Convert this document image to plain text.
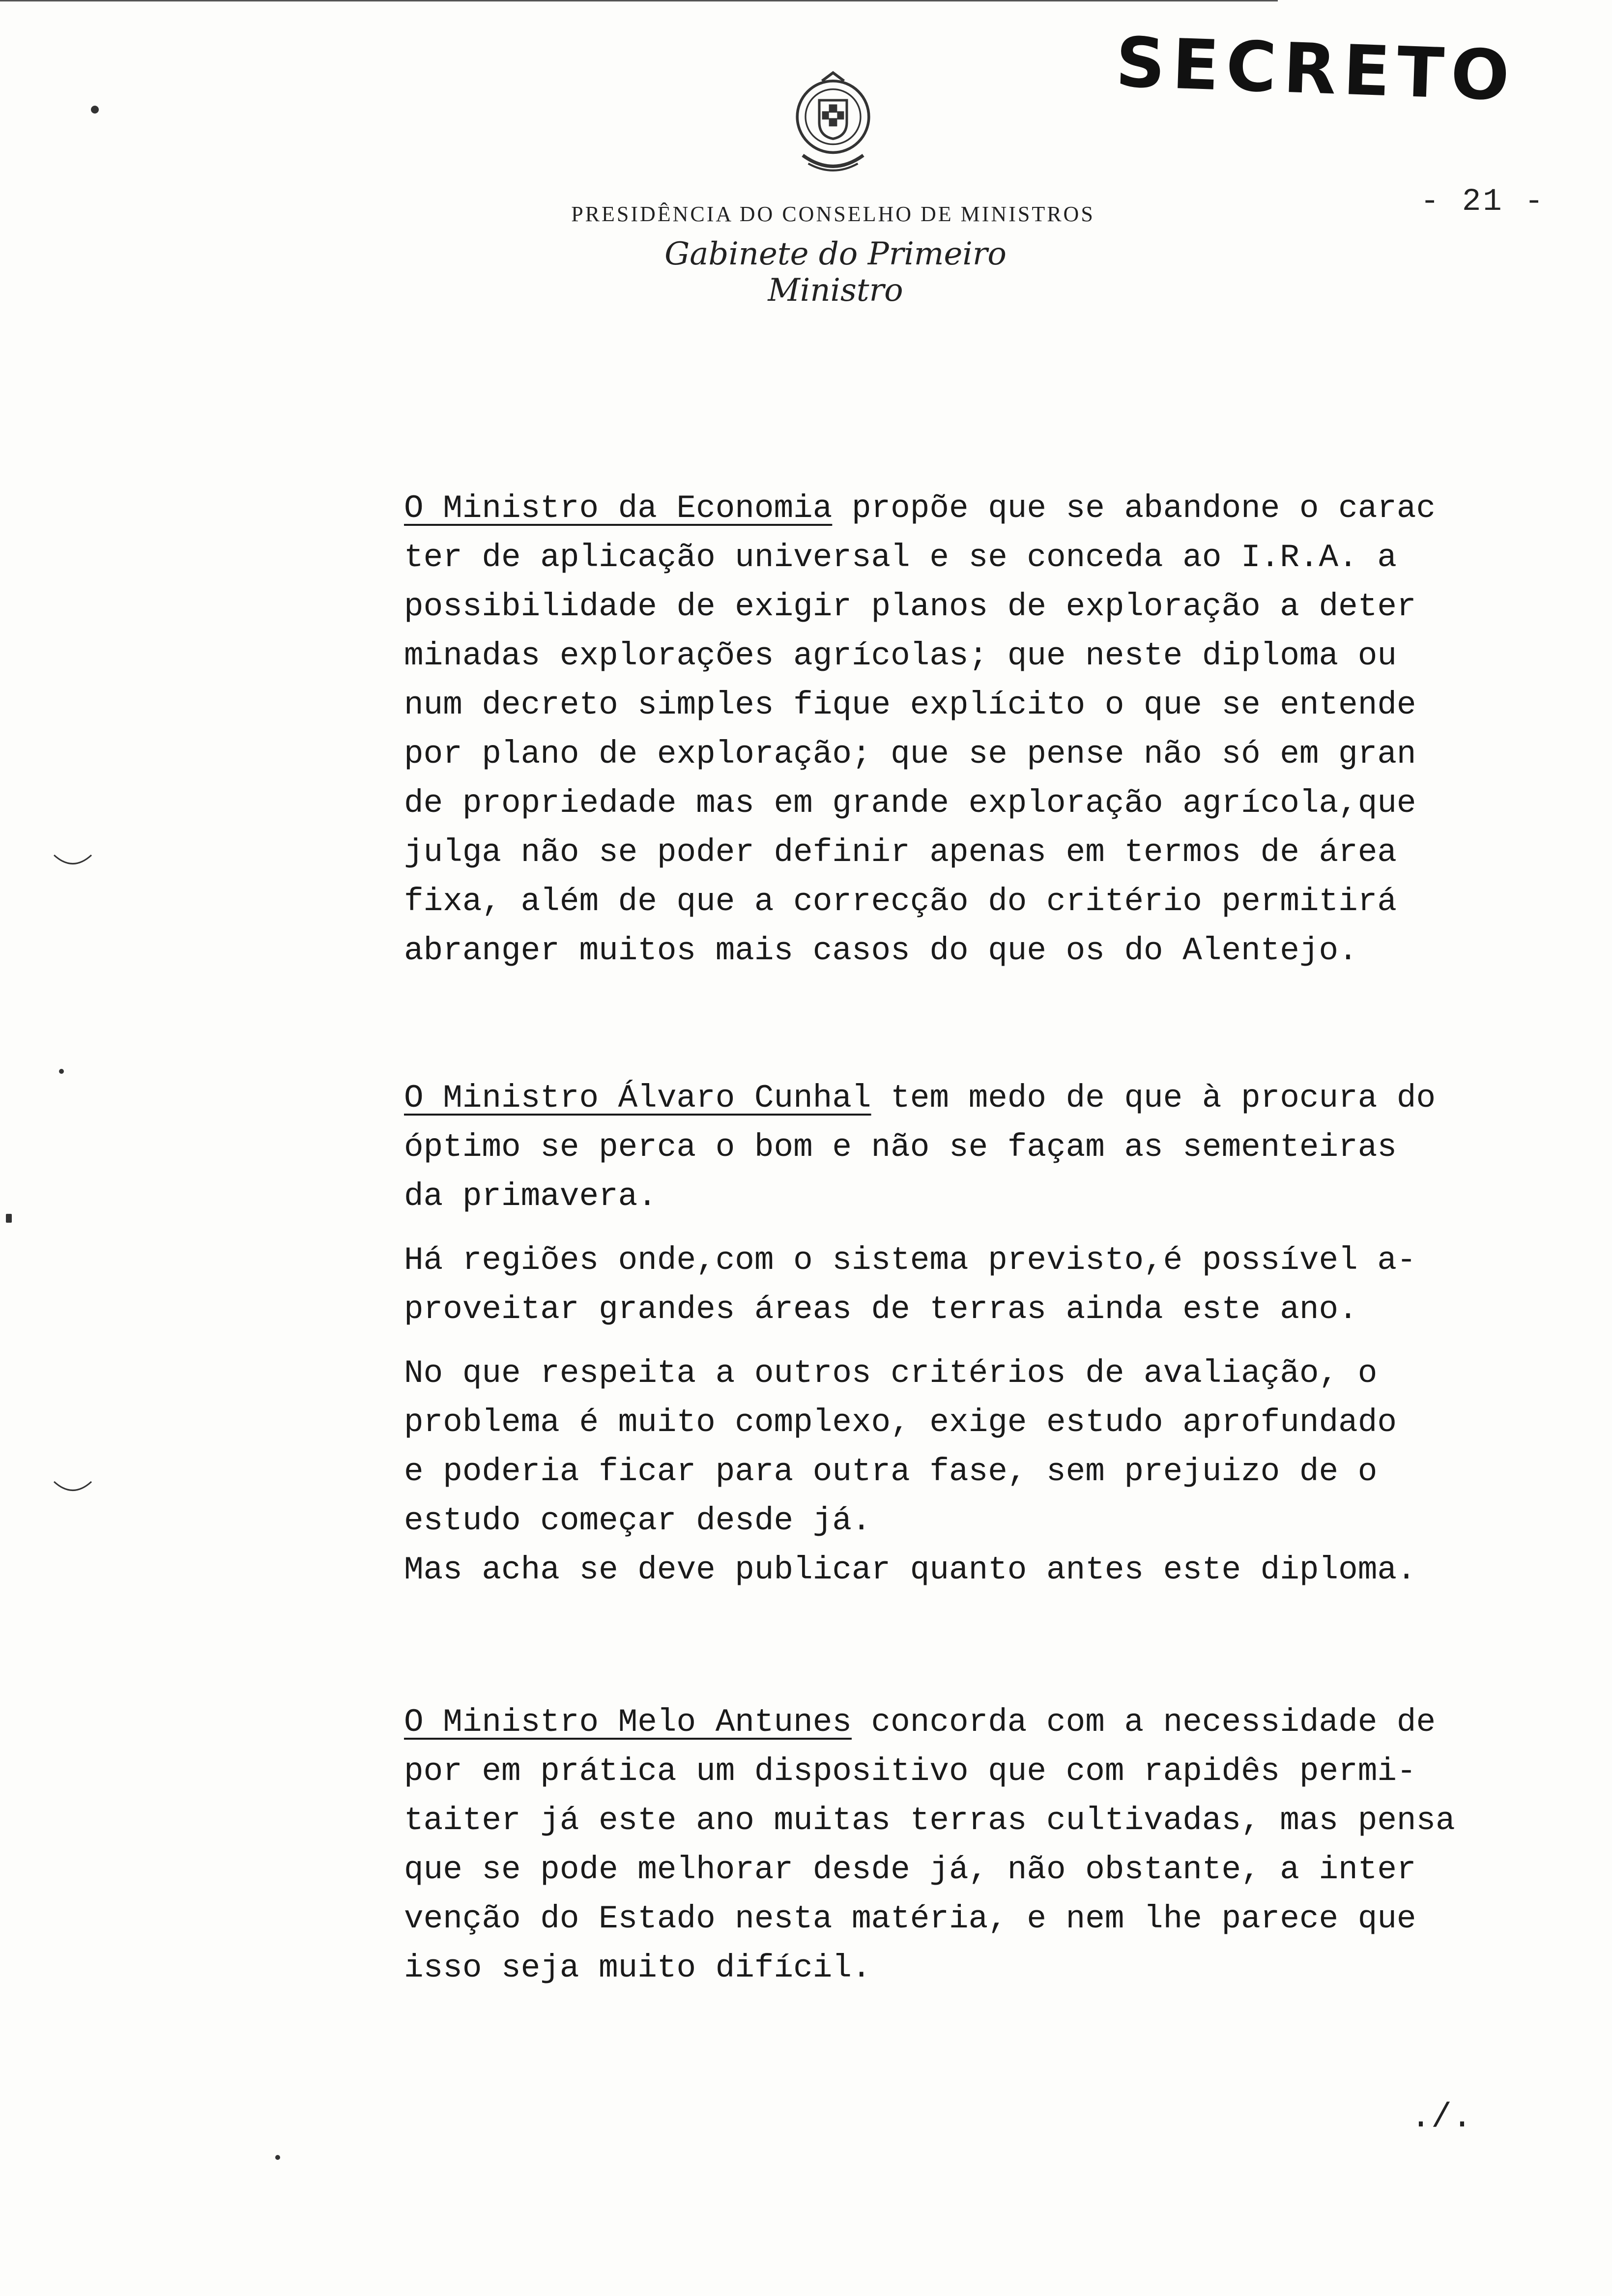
SECRETO
PRESIDÊNCIA DO CONSELHO DE MINISTROS
Gabinete do Primeiro Ministro
- 21 -

O Ministro da Economia propõe que se abandone o carac

ter de aplicação universal e se conceda ao I.R.A. a

possibilidade de exigir planos de exploração a deter

minadas explorações agrícolas; que neste diploma ou

num decreto simples fique explícito o que se entende

por plano de exploração; que se pense não só em gran

de propriedade mas em grande exploração agrícola,que

julga não se poder definir apenas em termos de área

fixa, além de que a correcção do critério permitirá

abranger muitos mais casos do que os do Alentejo.

O Ministro Álvaro Cunhal tem medo de que à procura do

óptimo se perca o bom e não se façam as sementeiras

da primavera.

Há regiões onde,com o sistema previsto,é possível a-

proveitar grandes áreas de terras ainda este ano.

No que respeita a outros critérios de avaliação, o

problema é muito complexo, exige estudo aprofundado

e poderia ficar para outra fase, sem prejuizo de o

estudo começar desde já.

Mas acha se deve publicar quanto antes este diploma.

O Ministro Melo Antunes concorda com a necessidade de

por em prática um dispositivo que com rapidês permi-

taiter já este ano muitas terras cultivadas, mas pensa

que se pode melhorar desde já, não obstante, a inter

venção do Estado nesta matéria, e nem lhe parece que

isso seja muito difícil.

./.
